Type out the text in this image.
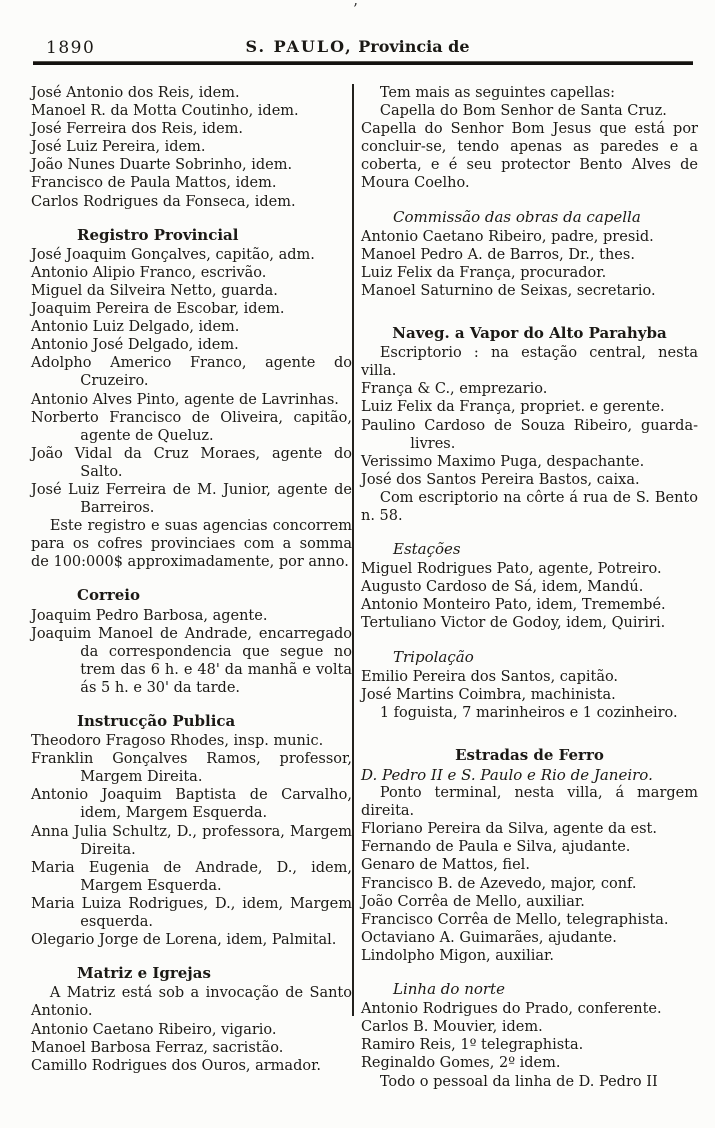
’
1890	S. PAULO, Provincia de

José Antonio dos Reis, idem.

Manoel R. da Motta Coutinho, idem.

José Ferreira dos Reis, idem.

José Luiz Pereira, idem.

João Nunes Duarte Sobrinho, idem.

Francisco de Paula Mattos, idem.

Carlos Rodrigues da Fonseca, idem.

Registro Provincial

José Joaquim Gonçalves, capitão, adm.

Antonio Alipio Franco, escrivão.

Miguel da Silveira Netto, guarda.

Joaquim Pereira de Escobar, idem.

Antonio Luiz Delgado, idem.

Antonio José Delgado, idem.

Adolpho Americo Franco, agente do Cruzeiro.

Antonio Alves Pinto, agente de Lavrinhas.

Norberto Francisco de Oliveira, capitão, agente de Queluz.

João Vidal da Cruz Moraes, agente do Salto.

José Luiz Ferreira de M. Junior, agente de Barreiros.

Este registro e suas agencias concorrem para os cofres provinciaes com a somma de 100:000$ approximadamente, por anno.

Correio

Joaquim Pedro Barbosa, agente.

Joaquim Manoel de Andrade, encarregado da correspondencia que segue no trem das 6 h. e 48' da manhã e volta ás 5 h. e 30' da tarde.

Instrucção Publica

Theodoro Fragoso Rhodes, insp. munic.

Franklin Gonçalves Ramos, professor, Margem Direita.

Antonio Joaquim Baptista de Carvalho, idem, Margem Esquerda.

Anna Julia Schultz, D., professora, Margem Direita.

Maria Eugenia de Andrade, D., idem, Margem Esquerda.

Maria Luiza Rodrigues, D., idem, Margem esquerda.

Olegario Jorge de Lorena, idem, Palmital.

Matriz e Igrejas

A Matriz está sob a invocação de Santo Antonio.

Antonio Caetano Ribeiro, vigario.

Manoel Barbosa Ferraz, sacristão.

Camillo Rodrigues dos Ouros, armador.

Tem mais as seguintes capellas:

Capella do Bom Senhor de Santa Cruz.

Capella do Senhor Bom Jesus que está por concluir-se, tendo apenas as paredes e a coberta, e é seu protector Bento Alves de Moura Coelho.

Commissão das obras da capella

Antonio Caetano Ribeiro, padre, presid.

Manoel Pedro A. de Barros, Dr., thes.

Luiz Felix da França, procurador.

Manoel Saturnino de Seixas, secretario.

Naveg. a Vapor do Alto Parahyba

Escriptorio : na estação central, nesta villa.

França & C., emprezario.

Luiz Felix da França, propriet. e gerente.

Paulino Cardoso de Souza Ribeiro, guarda-livres.

Verissimo Maximo Puga, despachante.

José dos Santos Pereira Bastos, caixa.

Com escriptorio na côrte á rua de S. Bento n. 58.

Estações

Miguel Rodrigues Pato, agente, Potreiro.

Augusto Cardoso de Sá, idem, Mandú.

Antonio Monteiro Pato, idem, Tremembé.

Tertuliano Victor de Godoy, idem, Quiriri.

Tripolação

Emilio Pereira dos Santos, capitão.

José Martins Coimbra, machinista.

1 foguista, 7 marinheiros e 1 cozinheiro.

Estradas de Ferro

D. Pedro II e S. Paulo e Rio de Janeiro.

Ponto terminal, nesta villa, á margem direita.

Floriano Pereira da Silva, agente da est.

Fernando de Paula e Silva, ajudante.

Genaro de Mattos, fiel.

Francisco B. de Azevedo, major, conf.

João Corrêa de Mello, auxiliar.

Francisco Corrêa de Mello, telegraphista.

Octaviano A. Guimarães, ajudante.

Lindolpho Migon, auxiliar.

Linha do norte

Antonio Rodrigues do Prado, conferente.

Carlos B. Mouvier, idem.

Ramiro Reis, 1º telegraphista.

Reginaldo Gomes, 2º idem.

Todo o pessoal da linha de D. Pedro II
